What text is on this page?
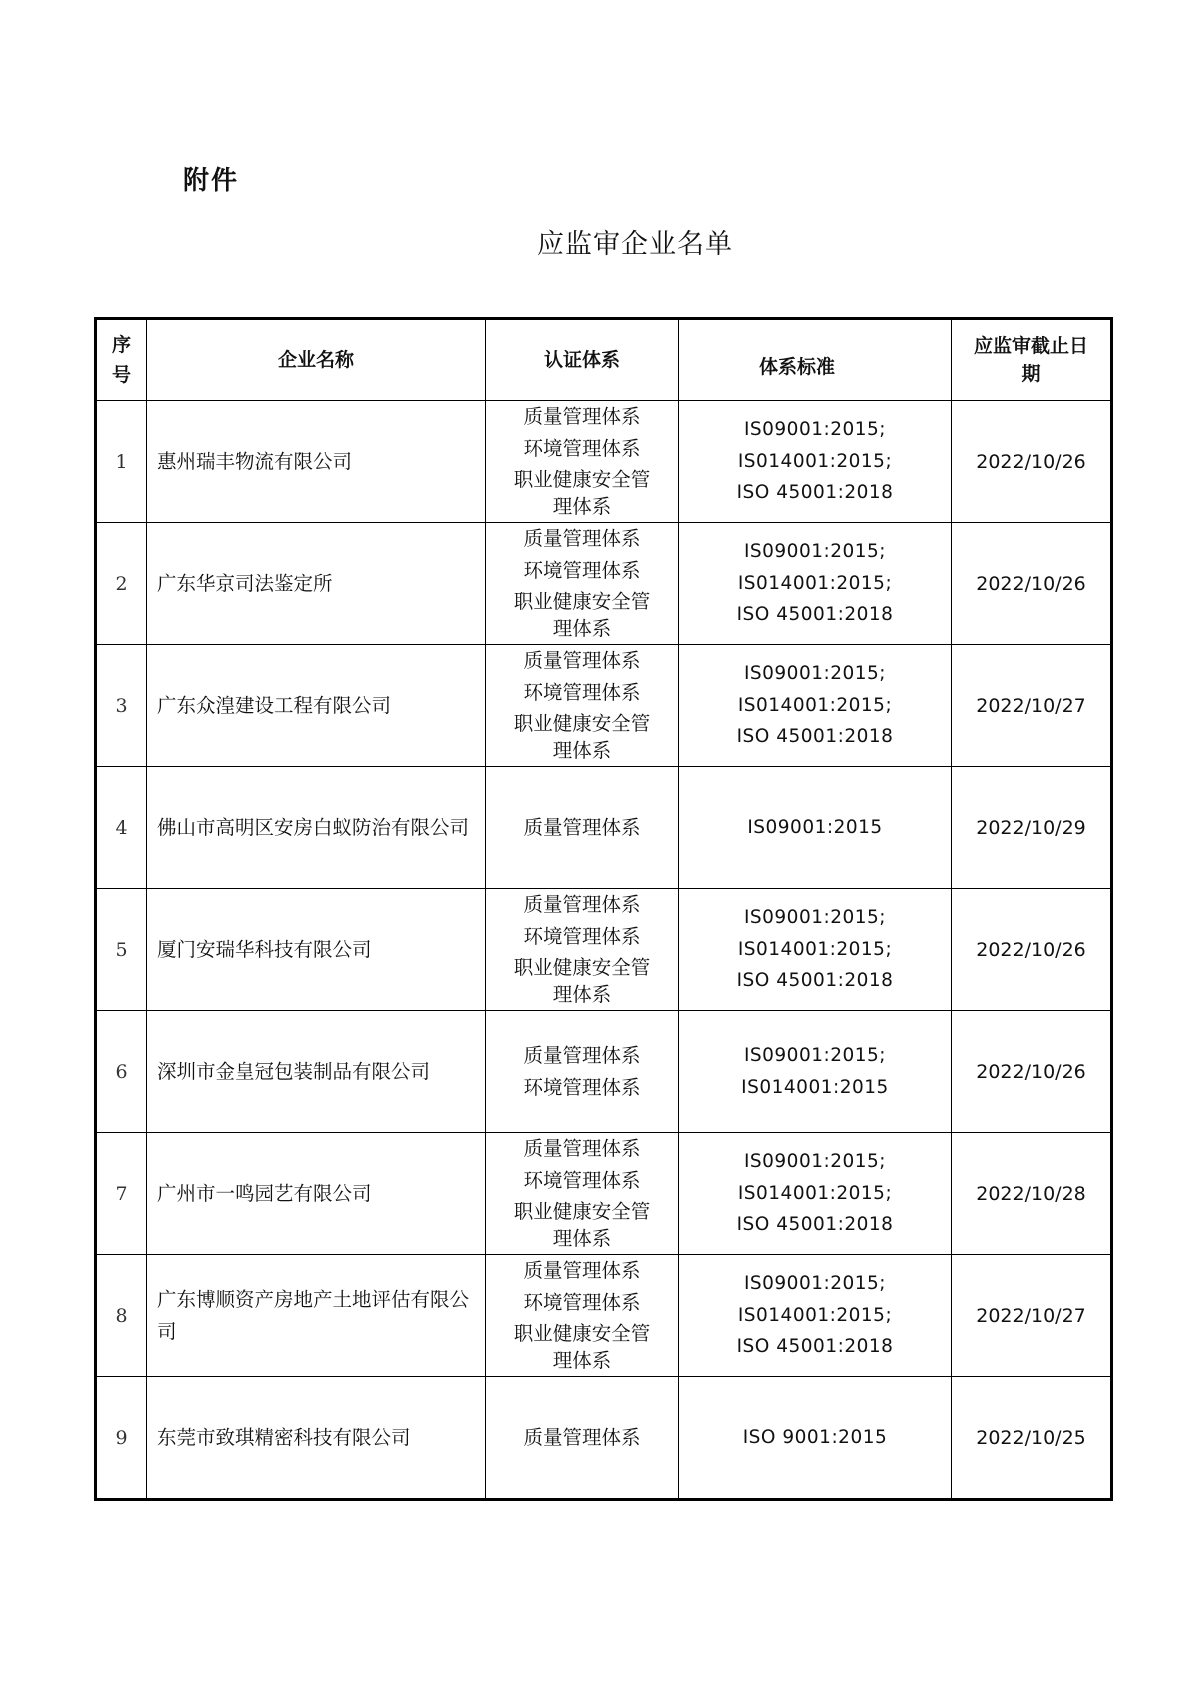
附件
应监审企业名单
序
号	企业名称	认证体系	体系标准	应监审截止日
期

1	惠州瑞丰物流有限公司	质量管理体系
环境管理体系
职业健康安全管
理体系	IS09001:2015;
IS014001:2015;
ISO 45001:2018	2022/10/26
2	广东华京司法鉴定所	质量管理体系
环境管理体系
职业健康安全管
理体系	IS09001:2015;
IS014001:2015;
ISO 45001:2018	2022/10/26
3	广东众湟建设工程有限公司	质量管理体系
环境管理体系
职业健康安全管
理体系	IS09001:2015;
IS014001:2015;
ISO 45001:2018	2022/10/27
4	佛山市高明区安房白蚁防治有限公司	质量管理体系	IS09001:2015	2022/10/29
5	厦门安瑞华科技有限公司	质量管理体系
环境管理体系
职业健康安全管
理体系	IS09001:2015;
IS014001:2015;
ISO 45001:2018	2022/10/26
6	深圳市金皇冠包装制品有限公司	质量管理体系
环境管理体系	IS09001:2015;
IS014001:2015	2022/10/26
7	广州市一鸣园艺有限公司	质量管理体系
环境管理体系
职业健康安全管
理体系	IS09001:2015;
IS014001:2015;
ISO 45001:2018	2022/10/28
8	广东博顺资产房地产土地评估有限公司	质量管理体系
环境管理体系
职业健康安全管
理体系	IS09001:2015;
IS014001:2015;
ISO 45001:2018	2022/10/27
9	东莞市致琪精密科技有限公司	质量管理体系	ISO 9001:2015	2022/10/25
